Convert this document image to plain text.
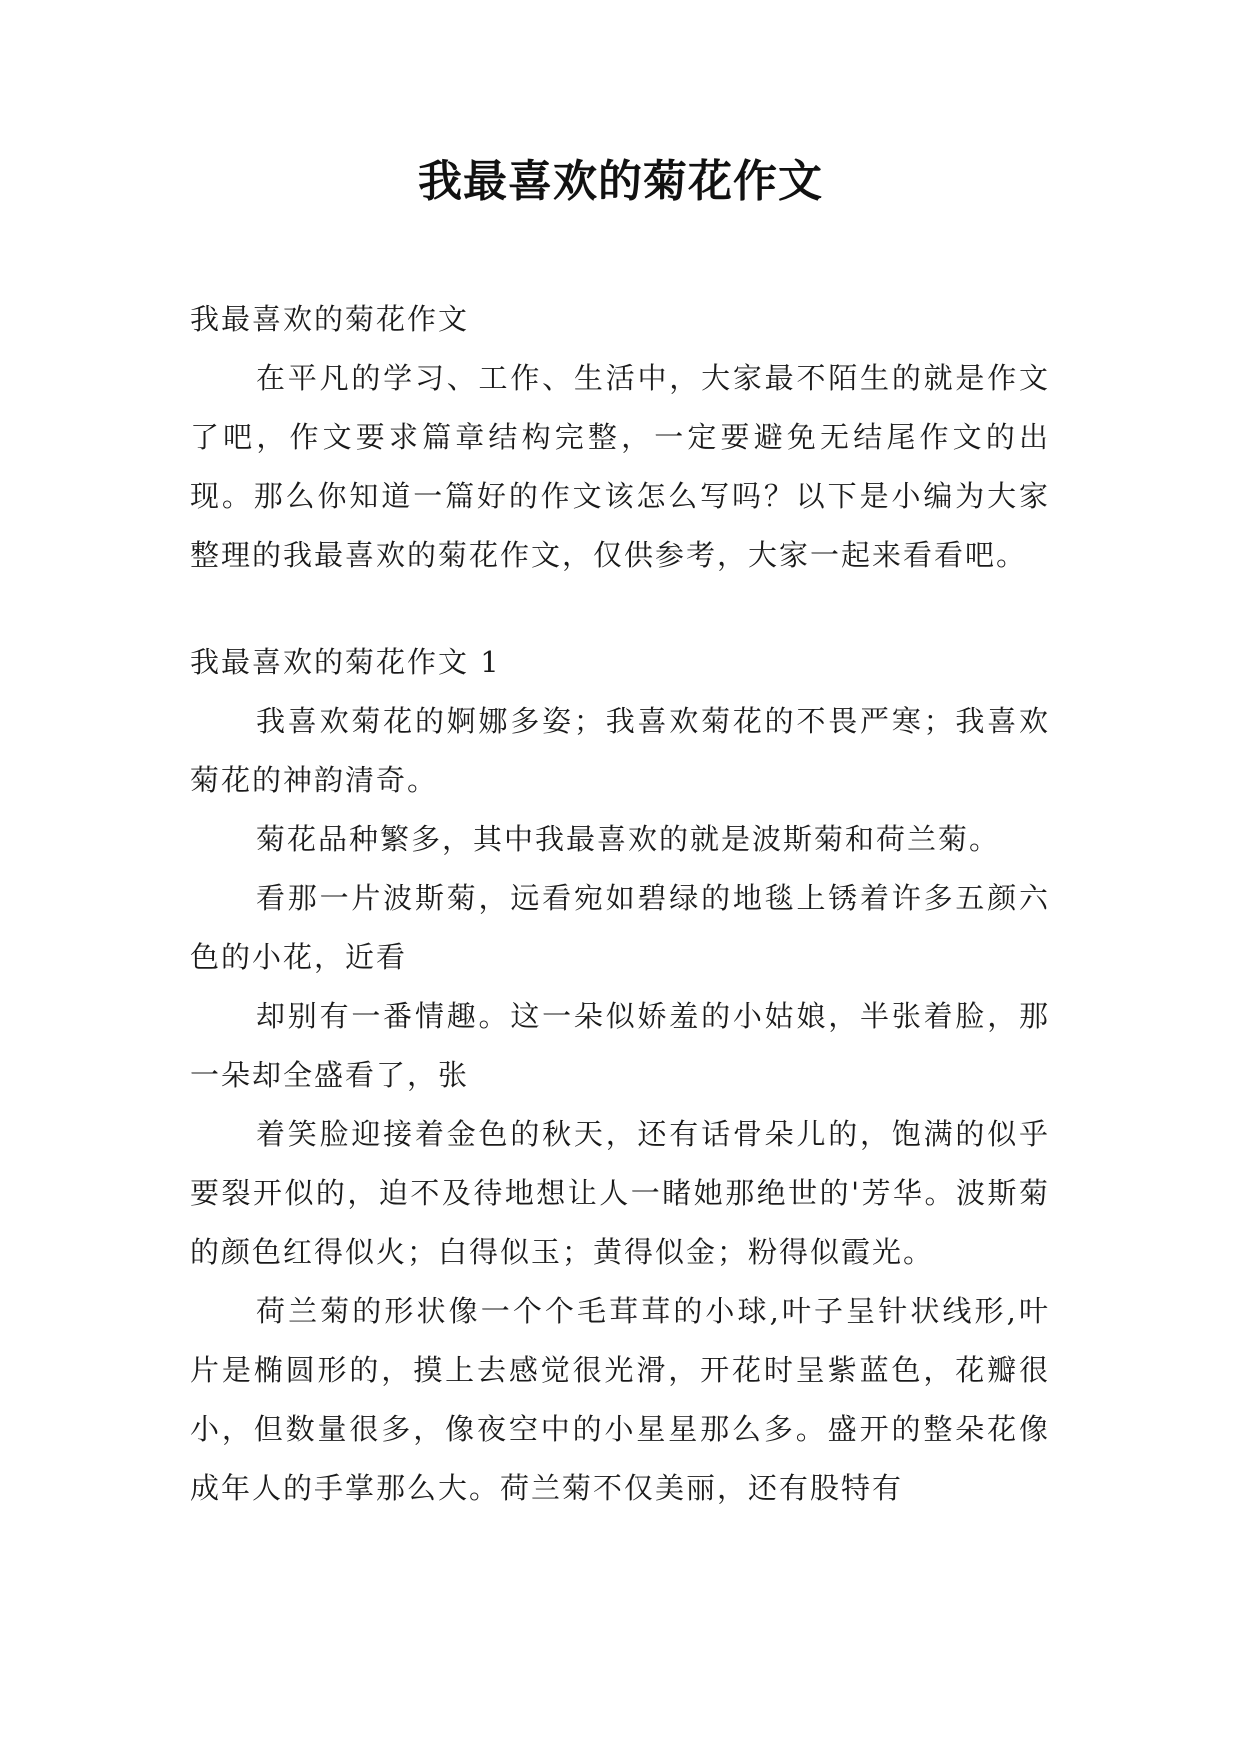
我最喜欢的菊花作文

我最喜欢的菊花作文

在平凡的学习、工作、生活中，大家最不陌生的就是作文了吧，作文要求篇章结构完整，一定要避免无结尾作文的出现。那么你知道一篇好的作文该怎么写吗？以下是小编为大家整理的我最喜欢的菊花作文，仅供参考，大家一起来看看吧。

我最喜欢的菊花作文 1

我喜欢菊花的婀娜多姿；我喜欢菊花的不畏严寒；我喜欢菊花的神韵清奇。

菊花品种繁多，其中我最喜欢的就是波斯菊和荷兰菊。

看那一片波斯菊，远看宛如碧绿的地毯上锈着许多五颜六色的小花，近看

却别有一番情趣。这一朵似娇羞的小姑娘，半张着脸，那一朵却全盛看了，张

着笑脸迎接着金色的秋天，还有话骨朵儿的，饱满的似乎要裂开似的，迫不及待地想让人一睹她那绝世的'芳华。波斯菊的颜色红得似火；白得似玉；黄得似金；粉得似霞光。

荷兰菊的形状像一个个毛茸茸的小球,叶子呈针状线形,叶片是椭圆形的，摸上去感觉很光滑，开花时呈紫蓝色，花瓣很小，但数量很多，像夜空中的小星星那么多。盛开的整朵花像成年人的手掌那么大。荷兰菊不仅美丽，还有股特有
